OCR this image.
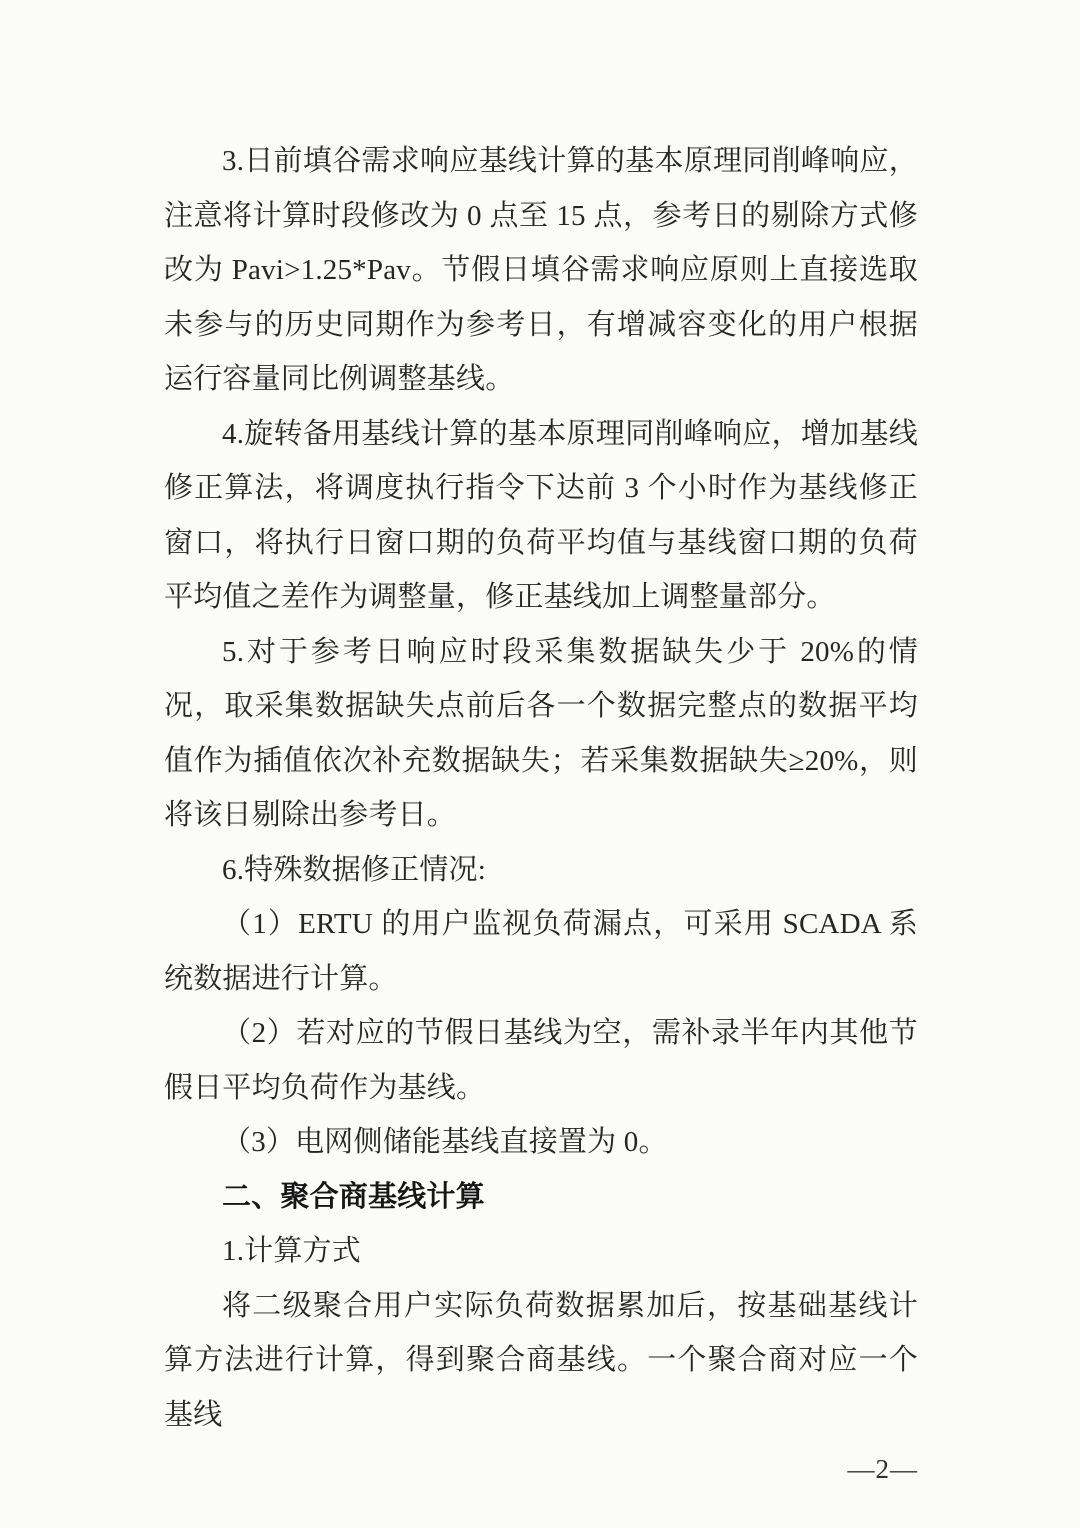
3.日前填谷需求响应基线计算的基本原理同削峰响应，注意将计算时段修改为 0 点至 15 点，参考日的剔除方式修改为 Pavi>1.25*Pav。节假日填谷需求响应原则上直接选取未参与的历史同期作为参考日，有增减容变化的用户根据运行容量同比例调整基线。

4.旋转备用基线计算的基本原理同削峰响应，增加基线修正算法，将调度执行指令下达前 3 个小时作为基线修正窗口，将执行日窗口期的负荷平均值与基线窗口期的负荷平均值之差作为调整量，修正基线加上调整量部分。

5.对于参考日响应时段采集数据缺失少于 20%的情况，取采集数据缺失点前后各一个数据完整点的数据平均值作为插值依次补充数据缺失；若采集数据缺失≥20%，则将该日剔除出参考日。

6.特殊数据修正情况:

（1）ERTU 的用户监视负荷漏点，可采用 SCADA 系统数据进行计算。

（2）若对应的节假日基线为空，需补录半年内其他节假日平均负荷作为基线。

（3）电网侧储能基线直接置为 0。

二、聚合商基线计算

1.计算方式

将二级聚合用户实际负荷数据累加后，按基础基线计算方法进行计算，得到聚合商基线。一个聚合商对应一个基线

—2—
